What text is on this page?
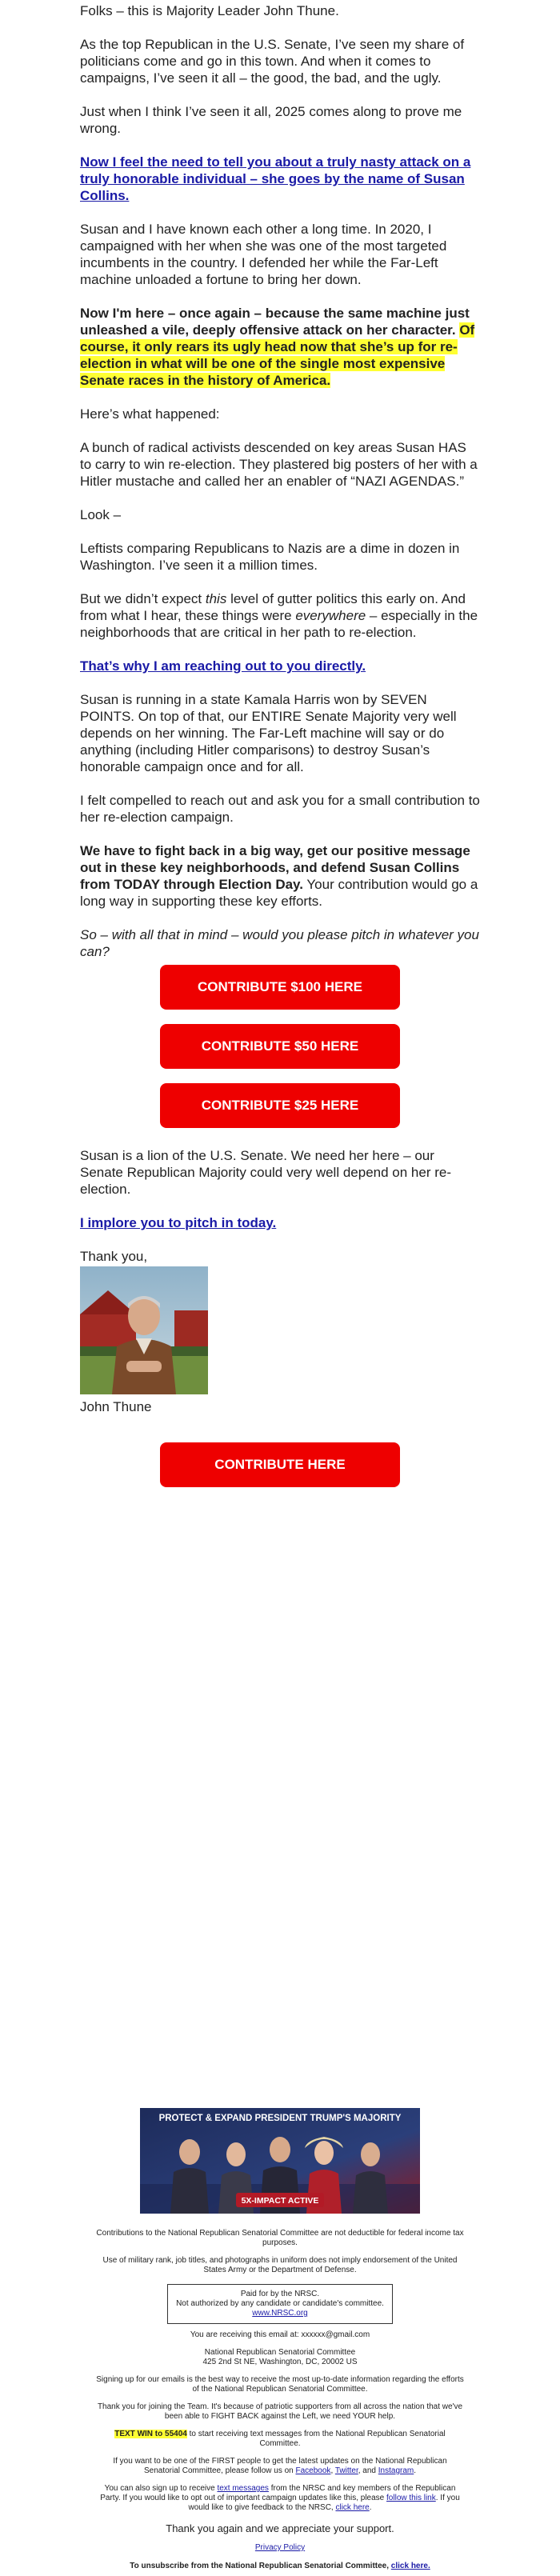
Folks – this is Majority Leader John Thune.

As the top Republican in the U.S. Senate, I’ve seen my share of politicians come and go in this town. And when it comes to campaigns, I’ve seen it all – the good, the bad, and the ugly.

Just when I think I’ve seen it all, 2025 comes along to prove me wrong.

Now I feel the need to tell you about a truly nasty attack on a truly honorable individual – she goes by the name of Susan Collins.

Susan and I have known each other a long time. In 2020, I campaigned with her when she was one of the most targeted incumbents in the country. I defended her while the Far-Left machine unloaded a fortune to bring her down.

Now I'm here – once again – because the same machine just unleashed a vile, deeply offensive attack on her character. Of course, it only rears its ugly head now that she’s up for re-election in what will be one of the single most expensive Senate races in the history of America.

Here’s what happened:

A bunch of radical activists descended on key areas Susan HAS to carry to win re-election. They plastered big posters of her with a Hitler mustache and called her an enabler of “NAZI AGENDAS.”

Look –

Leftists comparing Republicans to Nazis are a dime in dozen in Washington. I’ve seen it a million times.

But we didn’t expect this level of gutter politics this early on. And from what I hear, these things were everywhere – especially in the neighborhoods that are critical in her path to re-election.

That’s why I am reaching out to you directly.

Susan is running in a state Kamala Harris won by SEVEN POINTS. On top of that, our ENTIRE Senate Majority very well depends on her winning. The Far-Left machine will say or do anything (including Hitler comparisons) to destroy Susan’s honorable campaign once and for all.

I felt compelled to reach out and ask you for a small contribution to her re-election campaign.

We have to fight back in a big way, get our positive message out in these key neighborhoods, and defend Susan Collins from TODAY through Election Day. Your contribution would go a long way in supporting these key efforts.

So – with all that in mind – would you please pitch in whatever you can?

CONTRIBUTE $100 HERE
CONTRIBUTE $50 HERE
CONTRIBUTE $25 HERE

Susan is a lion of the U.S. Senate. We need her here – our Senate Republican Majority could very well depend on her re-election.

I implore you to pitch in today.

Thank you,

John Thune

CONTRIBUTE HERE
PROTECT & EXPAND PRESIDENT TRUMP'S MAJORITY
5X-IMPACT ACTIVE

Contributions to the National Republican Senatorial Committee are not deductible for federal income tax purposes.

Use of military rank, job titles, and photographs in uniform does not imply endorsement of the United States Army or the Department of Defense.

Paid for by the NRSC.

Not authorized by any candidate or candidate's committee.

www.NRSC.org

You are receiving this email at: xxxxxx@gmail.com

National Republican Senatorial Committee

425 2nd St NE, Washington, DC, 20002 US

Signing up for our emails is the best way to receive the most up-to-date information regarding the efforts of the National Republican Senatorial Committee.

Thank you for joining the Team. It's because of patriotic supporters from all across the nation that we've been able to FIGHT BACK against the Left, we need YOUR help.

TEXT WIN to 55404 to start receiving text messages from the National Republican Senatorial Committee.

If you want to be one of the FIRST people to get the latest updates on the National Republican Senatorial Committee, please follow us on Facebook, Twitter, and Instagram.

You can also sign up to receive text messages from the NRSC and key members of the Republican Party. If you would like to opt out of important campaign updates like this, please follow this link. If you would like to give feedback to the NRSC, click here.

Thank you again and we appreciate your support.

Privacy Policy

To unsubscribe from the National Republican Senatorial Committee, click here.
